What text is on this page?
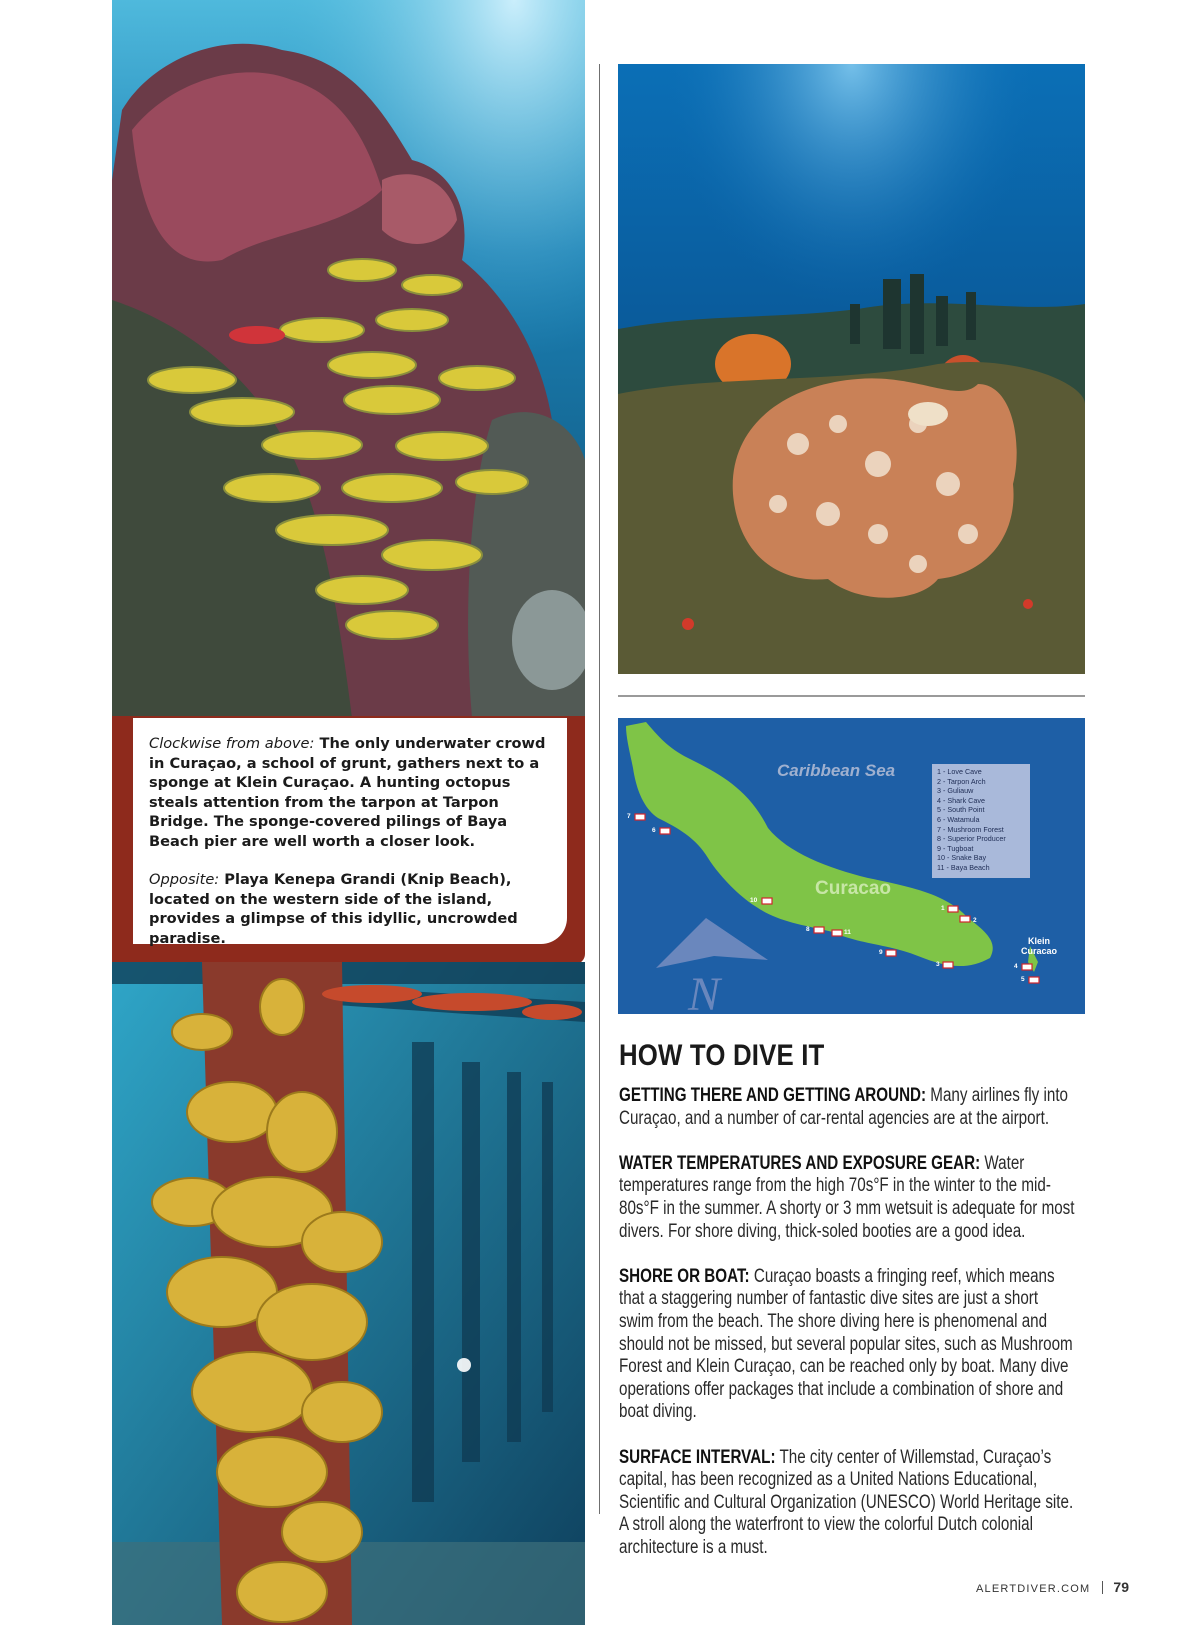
Clockwise from above: The only underwater crowd in Curaçao, a school of grunt, gathers next to a sponge at Klein Curaçao. A hunting octopus steals attention from the tarpon at Tarpon Bridge. The sponge-covered pilings of Baya Beach pier are well worth a closer look.

Opposite: Playa Kenepa Grandi (Knip Beach), located on the western side of the island, provides a glimpse of this idyllic, uncrowded paradise.

N
Caribbean Sea
Curacao
Klein
Curacao
7
6
10
8	11
9
3
1
2
4
5
1 - Love Cave
2 - Tarpon Arch
3 - Guliauw
4 - Shark Cave
5 - South Point
6 - Watamula
7 - Mushroom Forest
8 - Superior Producer
9 - Tugboat
10 - Snake Bay
11 - Baya Beach
HOW TO DIVE IT

GETTING THERE AND GETTING AROUND: Many airlines fly into Curaçao, and a number of car-rental agencies are at the airport.

WATER TEMPERATURES AND EXPOSURE GEAR: Water temperatures range from the high 70s°F in the winter to the mid-80s°F in the summer. A shorty or 3 mm wetsuit is adequate for most divers. For shore diving, thick-soled booties are a good idea.

SHORE OR BOAT: Curaçao boasts a fringing reef, which means that a staggering number of fantastic dive sites are just a short swim from the beach. The shore diving here is phenomenal and should not be missed, but several popular sites, such as Mushroom Forest and Klein Curaçao, can be reached only by boat. Many dive operations offer packages that include a combination of shore and boat diving.

SURFACE INTERVAL: The city center of Willemstad, Curaçao’s capital, has been recognized as a United Nations Educational, Scientific and Cultural Organization (UNESCO) World Heritage site. A stroll along the waterfront to view the colorful Dutch colonial architecture is a must.

ALERTDIVER.COM 79
